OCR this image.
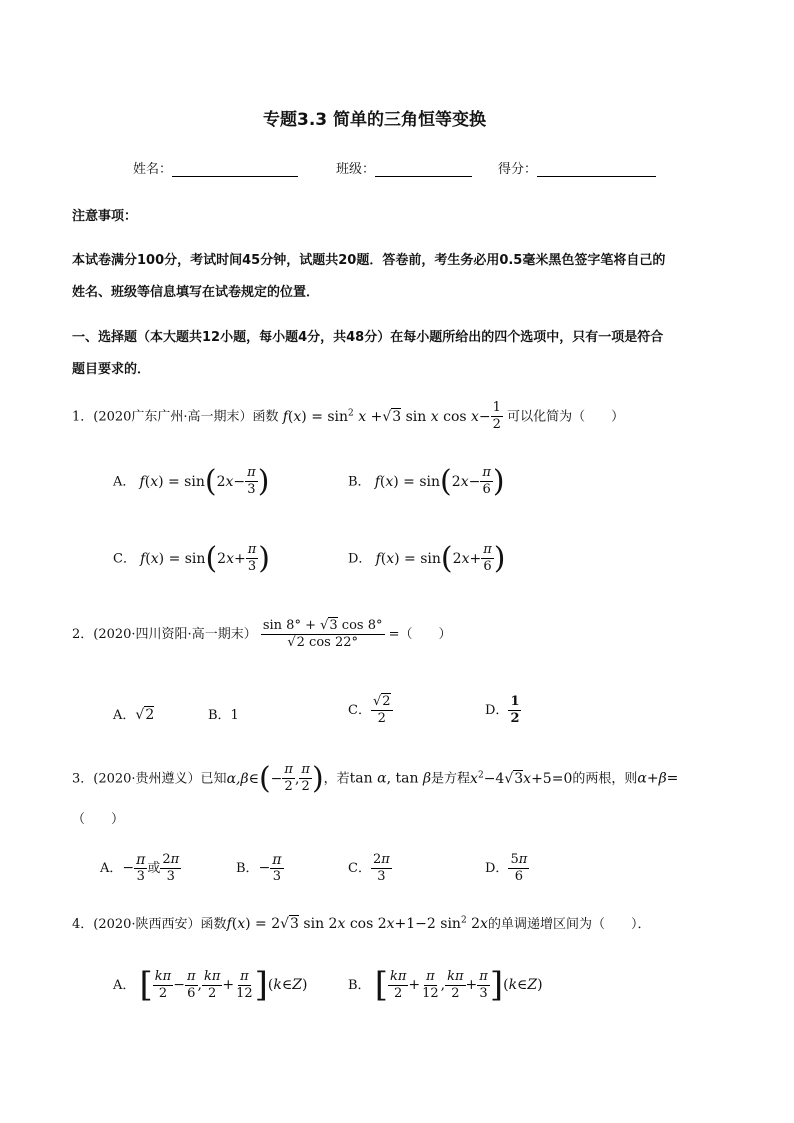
专题3.3 简单的三角恒等变换
姓名：	班级：	得分：
注意事项：
本试卷满分100分，考试时间45分钟，试题共20题．答卷前，考生务必用0.5毫米黑色签字笔将自己的
姓名、班级等信息填写在试卷规定的位置．
一、选择题（本大题共12小题，每小题4分，共48分）在每小题所给出的四个选项中，只有一项是符合
题目要求的．
1．(2020广东广州·高一期末）函数 $f(x) = \sin^2 x +√3$ sin x $\cos x- \frac{1}{2}$ 可以化简为（　　）
A． $f(x) = \sin(2x- \frac{\pi}{3}$ )	B． $f(x) = \sin(2x- \frac{\pi}{6}$ )
C． $f(x) = \sin(2x+ \frac{\pi}{3}$ )	D． $f(x) = \sin(2x+ \frac{\pi}{6}$ )
2．(2020·四川资阳·高一期末） $\frac{\sin 8^\circ + √3 \cos 8^\circ}{√2 \cos 22^\circ}$ =（　　）
A．√2	B．1	C． $\frac{√2}{2}$	D． $\frac{1}{2}$
3．(2020·贵州遵义）已知α,β∈(− $\frac{\pi}{2}$ , $\frac{\pi}{2}$ )，若tan α, tan β是方程$x^2-4√3x+5=0$的两根，则α+β=
（　　）
A．− $\frac{\pi}{3}$ 或 $\frac{2\pi}{3}$	B．− $\frac{\pi}{3}$	C． $\frac{2\pi}{3}$	D． $\frac{5\pi}{6}$
4．(2020·陕西西安）函数f(x) = 2√3 sin 2x cos 2x+1−2 $\sin^2 2x$的单调递增区间为（　　）．
A． [ $\frac{k\pi}{2} - \frac{\pi}{6}$ , $\frac{k\pi}{2} + \frac{\pi}{12}$ ](k∈Z)	B． [ $\frac{k\pi}{2} + \frac{\pi}{12}$ , $\frac{k\pi}{2} + \frac{\pi}{3}$ ](k∈Z)
